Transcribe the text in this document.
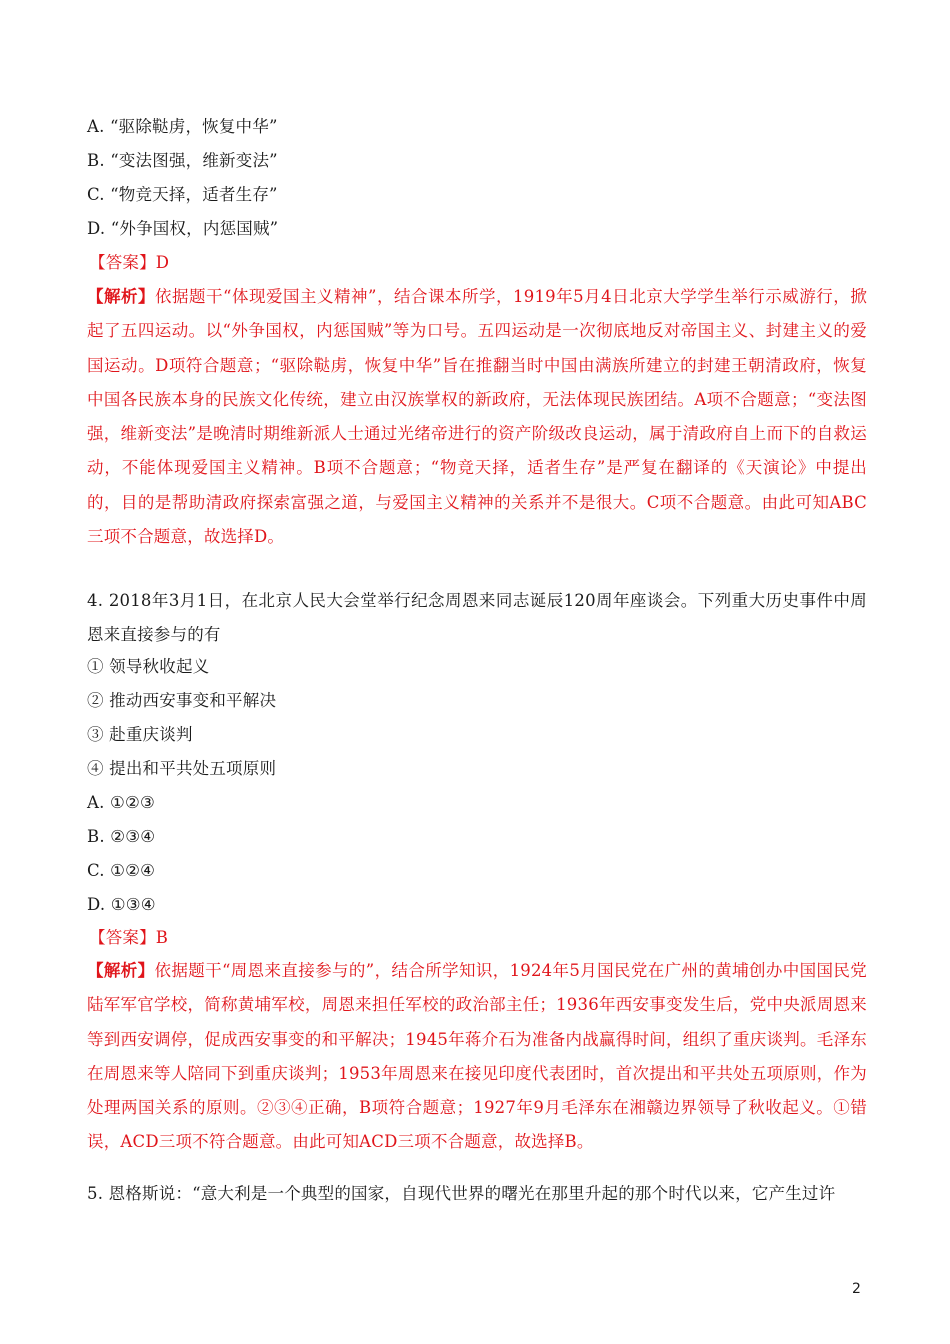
A. “驱除鞑虏，恢复中华”
B. “变法图强，维新变法”
C. “物竞天择，适者生存”
D. “外争国权，内惩国贼”
【答案】D
【解析】依据题干“体现爱国主义精神”，结合课本所学，1919年5月4日北京大学学生举行示威游行，掀起了五四运动。以“外争国权，内惩国贼”等为口号。五四运动是一次彻底地反对帝国主义、封建主义的爱国运动。D项符合题意；“驱除鞑虏，恢复中华”旨在推翻当时中国由满族所建立的封建王朝清政府，恢复中国各民族本身的民族文化传统，建立由汉族掌权的新政府，无法体现民族团结。A项不合题意；“变法图强，维新变法”是晚清时期维新派人士通过光绪帝进行的资产阶级改良运动，属于清政府自上而下的自救运动，不能体现爱国主义精神。B项不合题意；“物竞天择，适者生存”是严复在翻译的《天演论》中提出的，目的是帮助清政府探索富强之道，与爱国主义精神的关系并不是很大。C项不合题意。由此可知ABC三项不合题意，故选择D。
4. 2018年3月1日，在北京人民大会堂举行纪念周恩来同志诞辰120周年座谈会。下列重大历史事件中周恩来直接参与的有
① 领导秋收起义
② 推动西安事变和平解决
③ 赴重庆谈判
④ 提出和平共处五项原则
A. ①②③
B. ②③④
C. ①②④
D. ①③④
【答案】B
【解析】依据题干“周恩来直接参与的”，结合所学知识，1924年5月国民党在广州的黄埔创办中国国民党陆军军官学校，简称黄埔军校，周恩来担任军校的政治部主任；1936年西安事变发生后，党中央派周恩来等到西安调停，促成西安事变的和平解决；1945年蒋介石为准备内战赢得时间，组织了重庆谈判。毛泽东在周恩来等人陪同下到重庆谈判；1953年周恩来在接见印度代表团时，首次提出和平共处五项原则，作为处理两国关系的原则。②③④正确，B项符合题意；1927年9月毛泽东在湘赣边界领导了秋收起义。①错误，ACD三项不符合题意。由此可知ACD三项不合题意，故选择B。
5. 恩格斯说：“意大利是一个典型的国家，自现代世界的曙光在那里升起的那个时代以来，它产生过许
2
